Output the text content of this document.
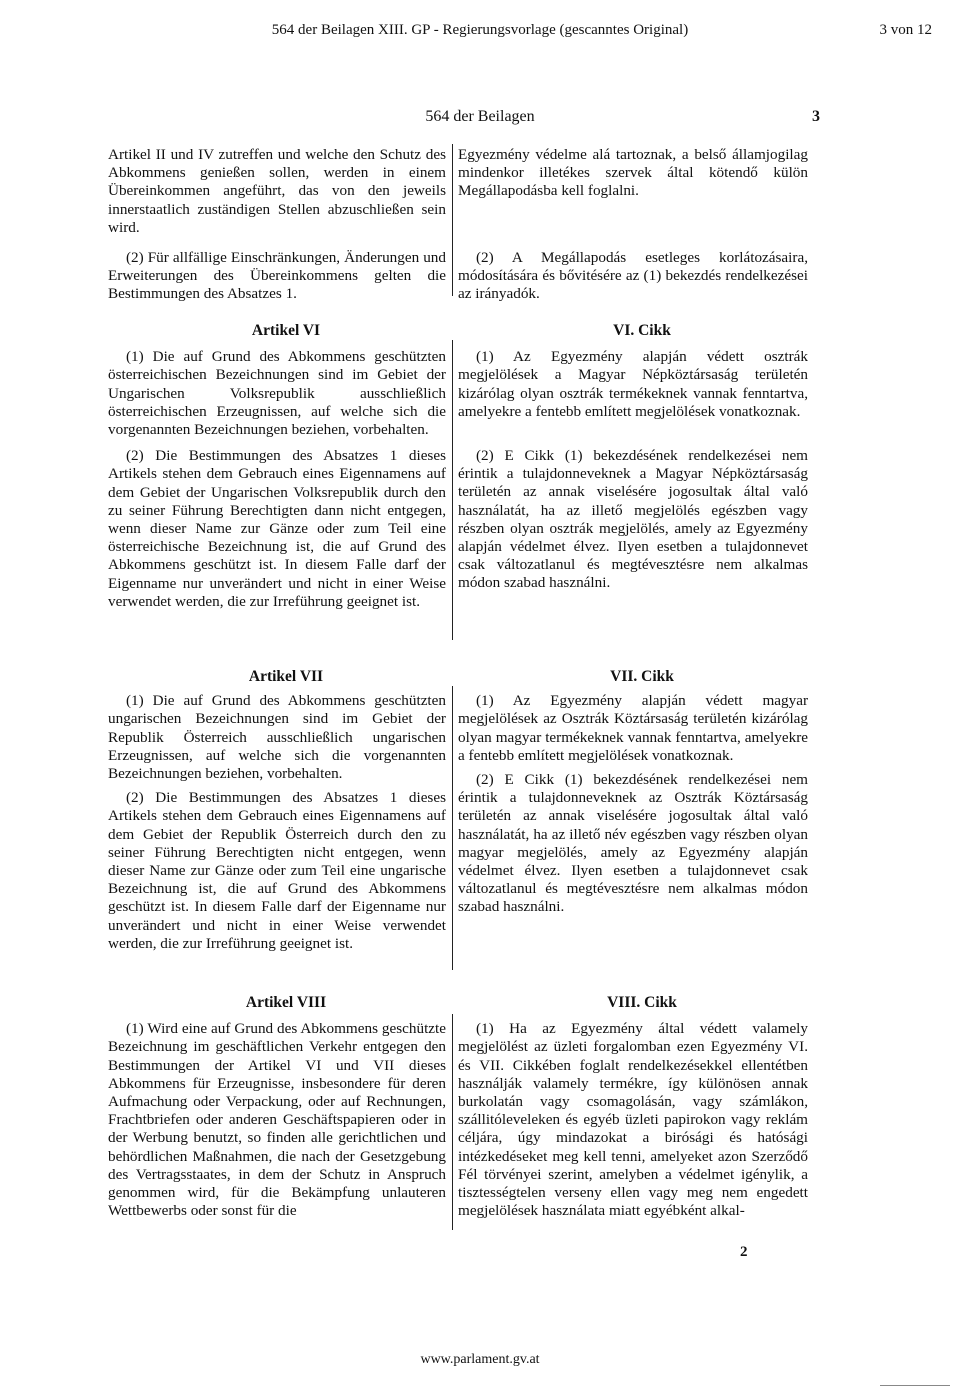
564 der Beilagen XIII. GP - Regierungsvorlage (gescanntes Original)	3 von 12
564 der Beilagen	3

Artikel II und IV zutreffen und welche den Schutz des Abkommens genießen sollen, werden in einem Übereinkommen angeführt, das von den jeweils innerstaatlich zuständigen Stellen abzuschließen sein wird.

(2) Für allfällige Einschränkungen, Änderungen und Erweiterungen des Übereinkommens gelten die Bestimmungen des Absatzes 1.

Egyezmény védelme alá tartoznak, a belső államjogilag mindenkor illetékes szervek által kötendő külön Megállapodásba kell foglalni.

(2) A Megállapodás esetleges korlátozásaira, módosítására és bővitésére az (1) bekezdés rendelkezései az irányadók.

Artikel VI

(1) Die auf Grund des Abkommens geschützten österreichischen Bezeichnungen sind im Gebiet der Ungarischen Volksrepublik ausschließlich österreichischen Erzeugnissen, auf welche sich die vorgenannten Bezeichnungen beziehen, vorbehalten.

(2) Die Bestimmungen des Absatzes 1 dieses Artikels stehen dem Gebrauch eines Eigennamens auf dem Gebiet der Ungarischen Volksrepublik durch den zu seiner Führung Berechtigten dann nicht entgegen, wenn dieser Name zur Gänze oder zum Teil eine österreichische Bezeichnung ist, die auf Grund des Abkommens geschützt ist. In diesem Falle darf der Eigenname nur unverändert und nicht in einer Weise verwendet werden, die zur Irreführung geeignet ist.

VI. Cikk

(1) Az Egyezmény alapján védett osztrák megjelölések a Magyar Népköztársaság területén kizárólag olyan osztrák termékeknek vannak fenntartva, amelyekre a fentebb említett megjelölések vonatkoznak.

(2) E Cikk (1) bekezdésének rendelkezései nem érintik a tulajdonneveknek a Magyar Népköztársaság területén az annak viselésére jogosultak által való használatát, ha az illető megjelölés egészben vagy részben olyan osztrák megjelölés, amely az Egyezmény alapján védelmet élvez. Ilyen esetben a tulajdonnevet csak változatlanul és megtévesztésre nem alkalmas módon szabad használni.

Artikel VII

(1) Die auf Grund des Abkommens geschützten ungarischen Bezeichnungen sind im Gebiet der Republik Österreich ausschließlich ungarischen Erzeugnissen, auf welche sich die vorgenannten Bezeichnungen beziehen, vorbehalten.

(2) Die Bestimmungen des Absatzes 1 dieses Artikels stehen dem Gebrauch eines Eigennamens auf dem Gebiet der Republik Österreich durch den zu seiner Führung Berechtigten nicht entgegen, wenn dieser Name zur Gänze oder zum Teil eine ungarische Bezeichnung ist, die auf Grund des Abkommens geschützt ist. In diesem Falle darf der Eigenname nur unverändert und nicht in einer Weise verwendet werden, die zur Irreführung geeignet ist.

VII. Cikk

(1) Az Egyezmény alapján védett magyar megjelölések az Osztrák Köztársaság területén kizárólag olyan magyar termékeknek vannak fenntartva, amelyekre a fentebb említett megjelölések vonatkoznak.

(2) E Cikk (1) bekezdésének rendelkezései nem érintik a tulajdonneveknek az Osztrák Köztársaság területén az annak viselésére jogosultak által való használatát, ha az illető név egészben vagy részben olyan magyar megjelölés, amely az Egyezmény alapján védelmet élvez. Ilyen esetben a tulajdonnevet csak változatlanul és megtévesztésre nem alkalmas módon szabad használni.

Artikel VIII

(1) Wird eine auf Grund des Abkommens geschützte Bezeichnung im geschäftlichen Verkehr entgegen den Bestimmungen der Artikel VI und VII dieses Abkommens für Erzeugnisse, insbesondere für deren Aufmachung oder Verpackung, oder auf Rechnungen, Frachtbriefen oder anderen Geschäftspapieren oder in der Werbung benutzt, so finden alle gerichtlichen und behördlichen Maßnahmen, die nach der Gesetzgebung des Vertragsstaates, in dem der Schutz in Anspruch genommen wird, für die Bekämpfung unlauteren Wettbewerbs oder sonst für die

VIII. Cikk

(1) Ha az Egyezmény által védett valamely megjelölést az üzleti forgalomban ezen Egyezmény VI. és VII. Cikkében foglalt rendelkezésekkel ellentétben használják valamely termékre, így különösen annak burkolatán vagy csomagolásán, vagy számlákon, szállitóleveleken és egyéb üzleti papirokon vagy reklám céljára, úgy mindazokat a birósági és hatósági intézkedéseket meg kell tenni, amelyeket azon Szerződő Fél törvényei szerint, amelyben a védelmet igénylik, a tisztességtelen verseny ellen vagy meg nem engedett megjelölések használata miatt egyébként alkal-

2
www.parlament.gv.at
